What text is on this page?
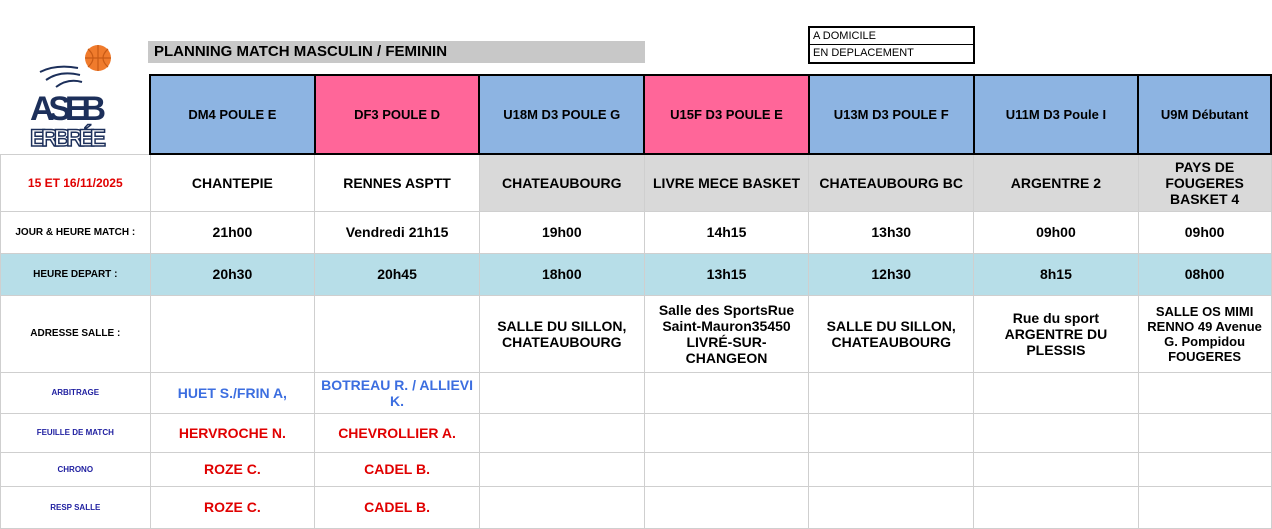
PLANNING MATCH MASCULIN / FEMININ
A DOMICILE
EN DEPLACEMENT
ASEB
ERBRÉE
	DM4 POULE E	DF3 POULE D	U18M D3 POULE G	U15F D3 POULE E	U13M D3 POULE F	U11M D3 Poule I	U9M Débutant
15 ET 16/11/2025	CHANTEPIE	RENNES ASPTT	CHATEAUBOURG	LIVRE MECE BASKET	CHATEAUBOURG BC	ARGENTRE 2	PAYS DE FOUGERES BASKET 4
JOUR & HEURE MATCH :	21h00	Vendredi 21h15	19h00	14h15	13h30	09h00	09h00
HEURE DEPART :	20h30	20h45	18h00	13h15	12h30	8h15	08h00
ADRESSE SALLE :			SALLE DU SILLON, CHATEAUBOURG	Salle des SportsRue Saint-Mauron35450 LIVRÉ-SUR-CHANGEON	SALLE DU SILLON, CHATEAUBOURG	Rue du sport ARGENTRE DU PLESSIS	SALLE OS MIMI RENNO 49 Avenue G. Pompidou FOUGERES
ARBITRAGE	HUET S./FRIN A,	BOTREAU R. / ALLIEVI K.					
FEUILLE DE MATCH	HERVROCHE N.	CHEVROLLIER A.					
CHRONO	ROZE C.	CADEL B.					
RESP SALLE	ROZE C.	CADEL B.					
